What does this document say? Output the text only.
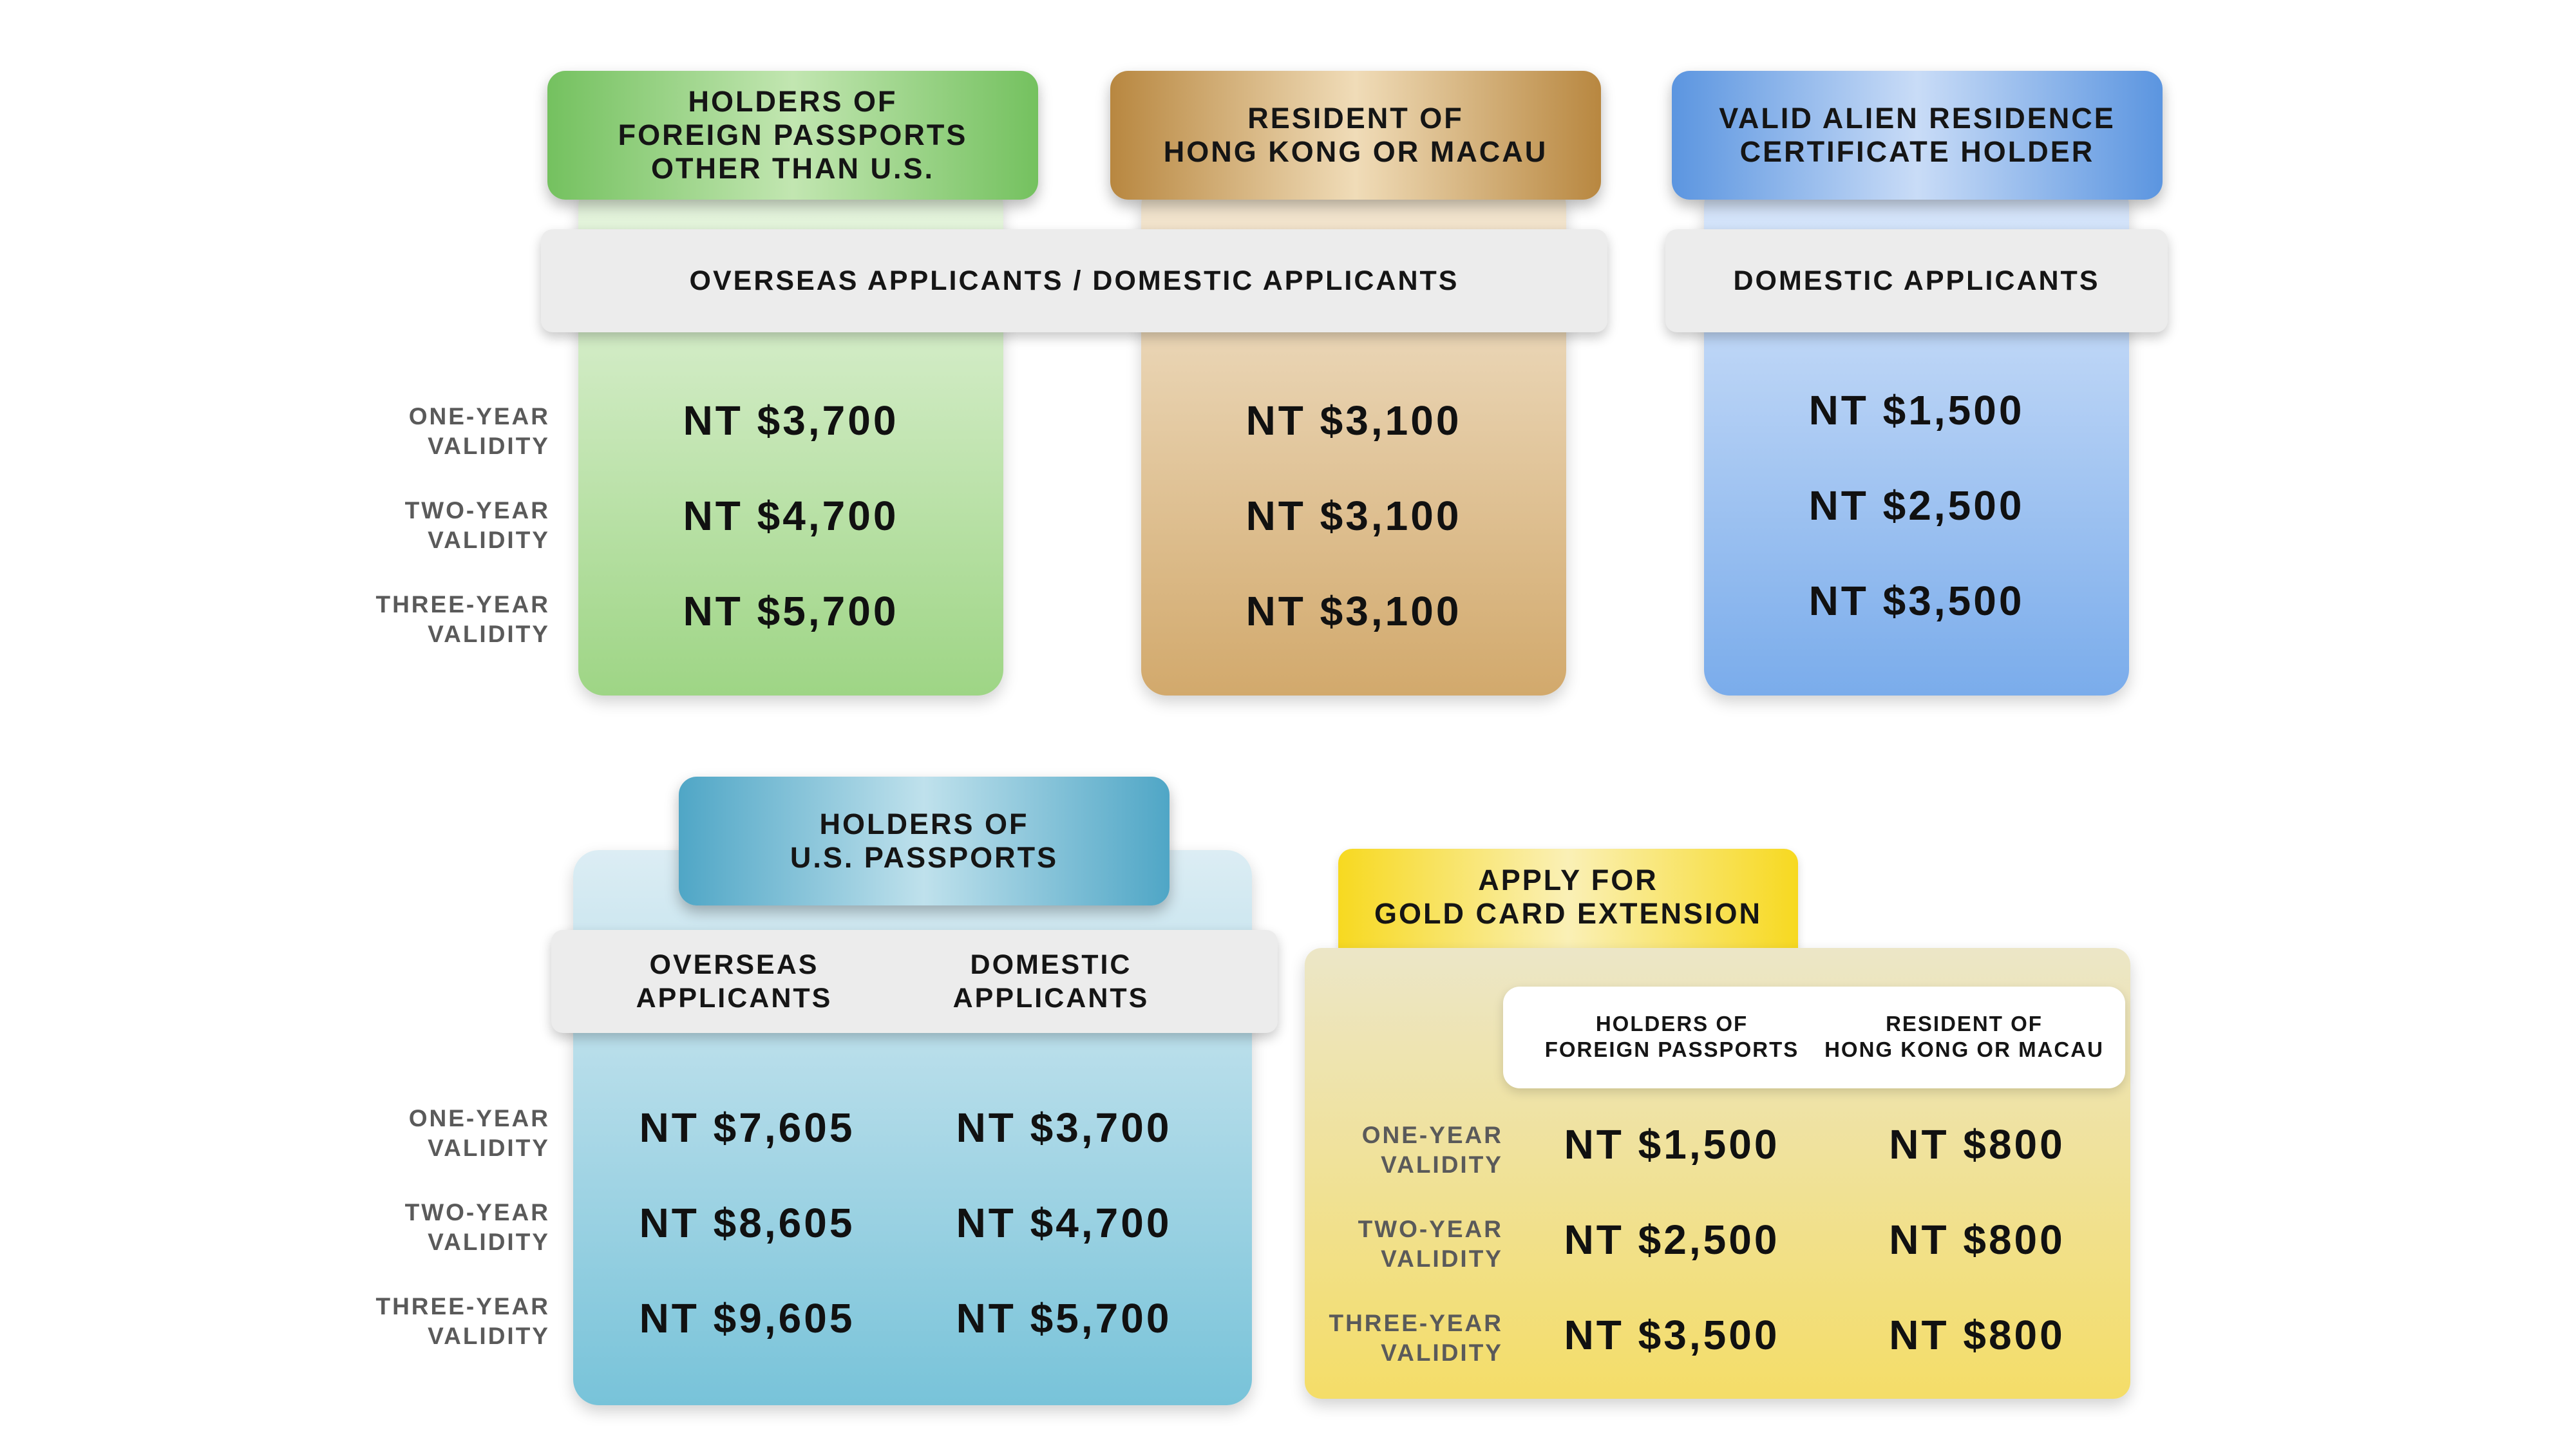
HOLDERS OF
FOREIGN PASSPORTS
OTHER THAN U.S.
RESIDENT OF
HONG KONG OR MACAU
VALID ALIEN RESIDENCE
CERTIFICATE HOLDER
OVERSEAS APPLICANTS / DOMESTIC APPLICANTS	DOMESTIC APPLICANTS
ONE-YEAR
VALIDITY
TWO-YEAR
VALIDITY
THREE-YEAR
VALIDITY
NT $3,700
NT $4,700
NT $5,700
NT $3,100
NT $3,100
NT $3,100
NT $1,500
NT $2,500
NT $3,500
HOLDERS OF
U.S. PASSPORTS
OVERSEAS
APPLICANTS
DOMESTIC
APPLICANTS
ONE-YEAR
VALIDITY
TWO-YEAR
VALIDITY
THREE-YEAR
VALIDITY
NT $7,605
NT $8,605
NT $9,605
NT $3,700
NT $4,700
NT $5,700
APPLY FOR
GOLD CARD EXTENSION
HOLDERS OF
FOREIGN PASSPORTS
RESIDENT OF
HONG KONG OR MACAU
ONE-YEAR
VALIDITY
TWO-YEAR
VALIDITY
THREE-YEAR
VALIDITY
NT $1,500
NT $2,500
NT $3,500
NT $800
NT $800
NT $800
